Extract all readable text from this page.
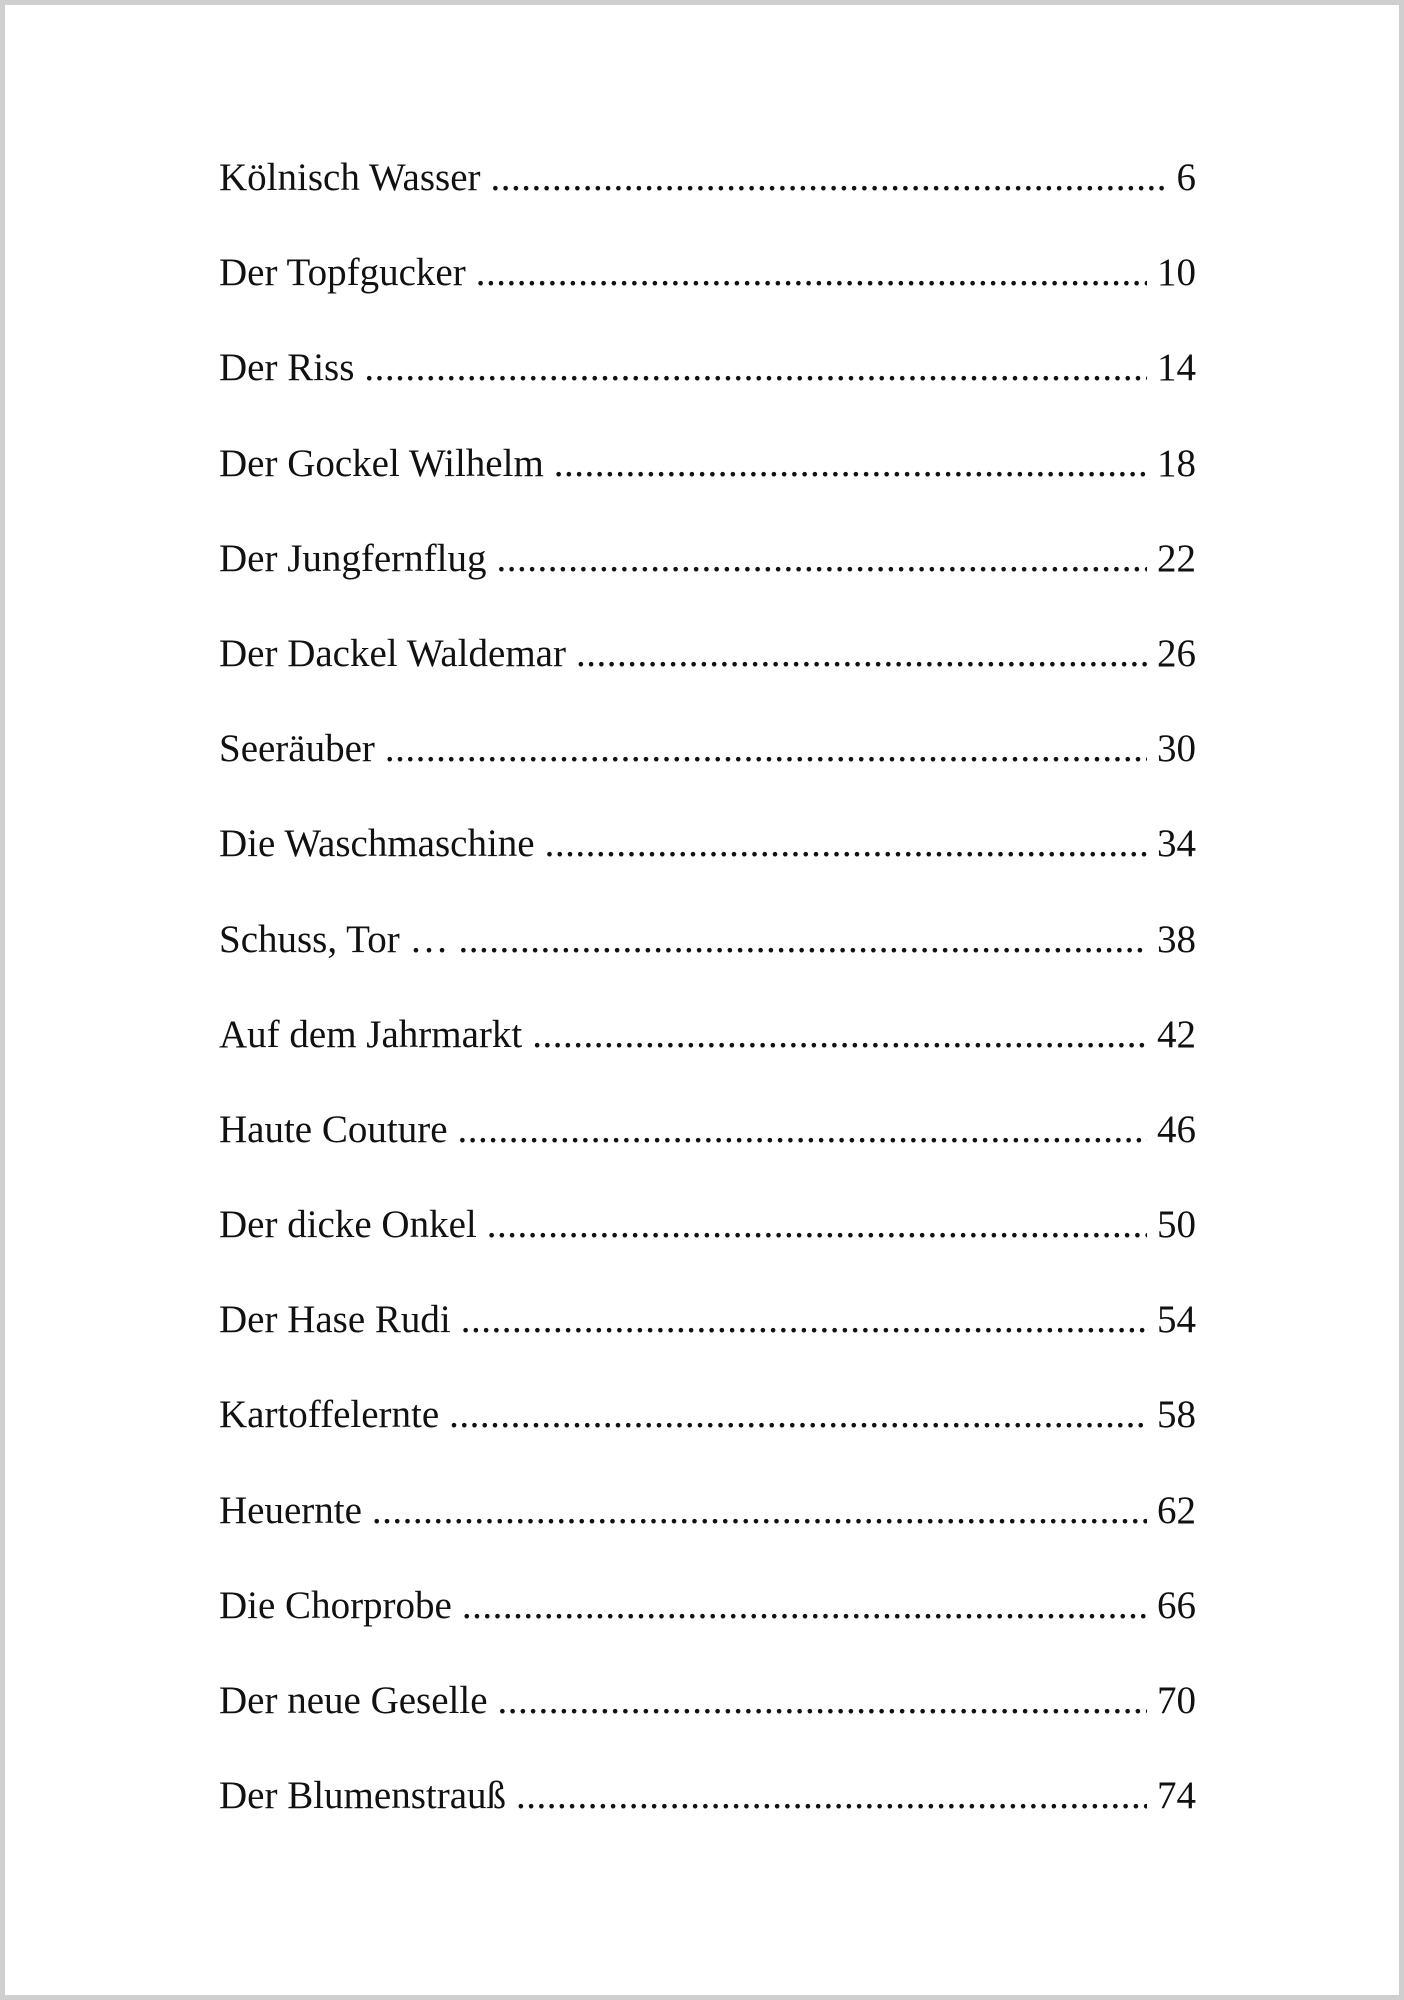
Kölnisch Wasser .....	6
Der Topfgucker .....	10
Der Riss .....	14
Der Gockel Wilhelm .....	18
Der Jungfernflug .....	22
Der Dackel Waldemar .....	26
Seeräuber .....	30
Die Waschmaschine .....	34
Schuss, Tor … .....	38
Auf dem Jahrmarkt .....	42
Haute Couture .....	46
Der dicke Onkel .....	50
Der Hase Rudi .....	54
Kartoffelernte .....	58
Heuernte .....	62
Die Chorprobe .....	66
Der neue Geselle .....	70
Der Blumenstrauß .....	74
